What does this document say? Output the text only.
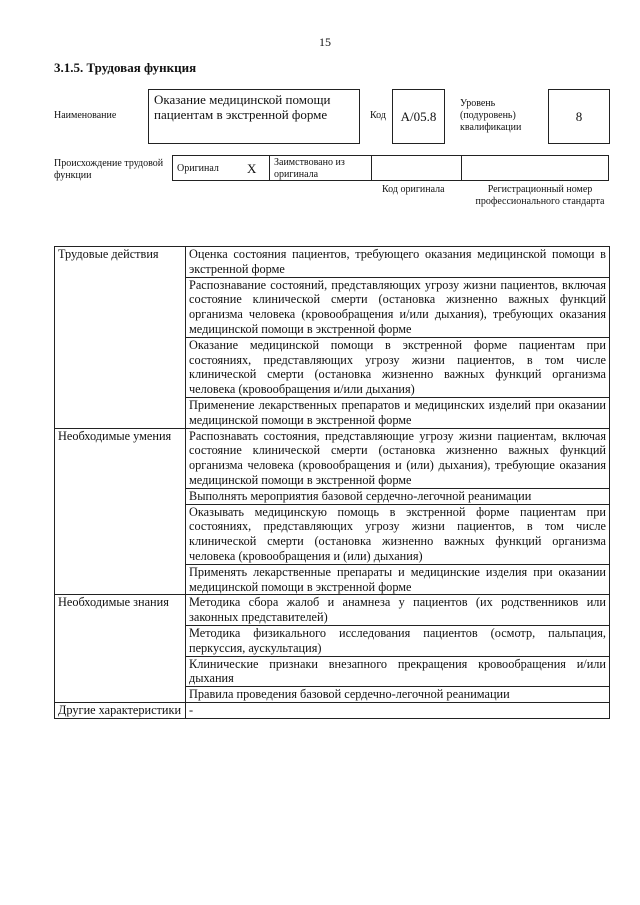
15
3.1.5. Трудовая функция
Наименование
Оказание медицинской помощи пациентам в экстренной форме	Код	А/05.8
Уровень (подуровень) квалификации
8
Происхождение трудовой функции
Оригинал X Заимствовано из оригинала
Код оригинала	Регистрационный номер профессионального стандарта
Трудовые действия	Оценка состояния пациентов, требующего оказания медицинской помощи в экстренной форме
	Распознавание состояний, представляющих угрозу жизни пациентов, включая состояние клинической смерти (остановка жизненно важных функций организма человека (кровообращения и/или дыхания), требующих оказания медицинской помощи в экстренной форме
	Оказание медицинской помощи в экстренной форме пациентам при состояниях, представляющих угрозу жизни пациентов, в том числе клинической смерти (остановка жизненно важных функций организма человека (кровообращения и/или дыхания)
	Применение лекарственных препаратов и медицинских изделий при оказании медицинской помощи в экстренной форме
Необходимые умения	Распознавать состояния, представляющие угрозу жизни пациентам, включая состояние клинической смерти (остановка жизненно важных функций организма человека (кровообращения и (или) дыхания), требующие оказания медицинской помощи в экстренной форме
	Выполнять мероприятия базовой сердечно-легочной реанимации
	Оказывать медицинскую помощь в экстренной форме пациентам при состояниях, представляющих угрозу жизни пациентов, в том числе клинической смерти (остановка жизненно важных функций организма человека (кровообращения и (или) дыхания)
	Применять лекарственные препараты и медицинские изделия при оказании медицинской помощи в экстренной форме
Необходимые знания	Методика сбора жалоб и анамнеза у пациентов (их родственников или законных представителей)
	Методика физикального исследования пациентов (осмотр, пальпация, перкуссия, аускультация)
	Клинические признаки внезапного прекращения кровообращения и/или дыхания
	Правила проведения базовой сердечно-легочной реанимации
Другие характеристики	-
